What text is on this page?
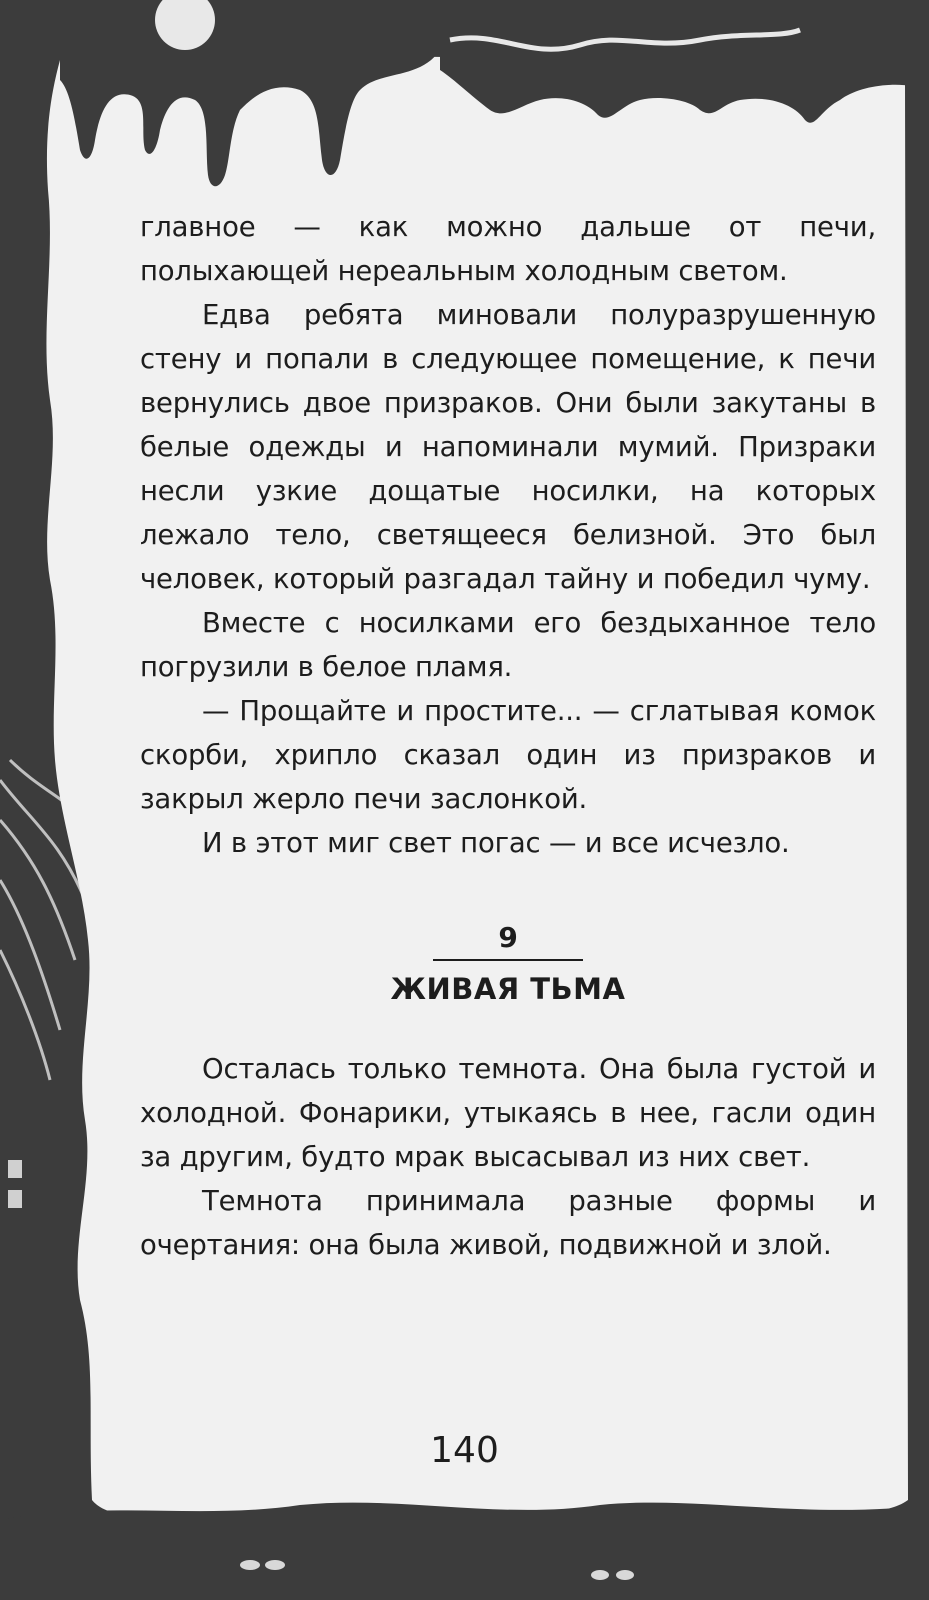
главное — как можно дальше от печи, полыхающей нереальным холодным светом.

Едва ребята миновали полуразрушенную стену и попали в следующее помещение, к печи вернулись двое призраков. Они были закутаны в белые одежды и напоминали мумий. Призраки несли узкие дощатые носилки, на которых лежало тело, светящееся белизной. Это был человек, который разгадал тайну и победил чуму.

Вместе с носилками его бездыханное тело погрузили в белое пламя.

— Прощайте и простите... — сглатывая комок скорби, хрипло сказал один из призраков и закрыл жерло печи заслонкой.

И в этот миг свет погас — и все исчезло.

9
ЖИВАЯ ТЬМА

Осталась только темнота. Она была густой и холодной. Фонарики, утыкаясь в нее, гасли один за другим, будто мрак высасывал из них свет.

Темнота принимала разные формы и очертания: она была живой, подвижной и злой.

140
